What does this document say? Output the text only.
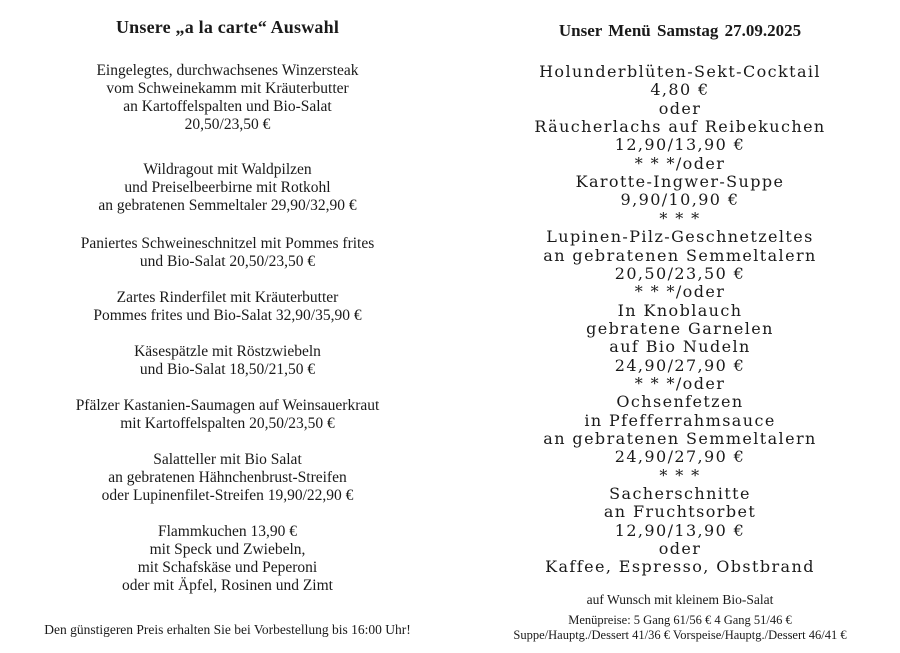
Unsere „a la carte“ Auswahl
Eingelegtes, durchwachsenes Winzersteak
vom Schweinekamm mit Kräuterbutter
an Kartoffelspalten und Bio-Salat
20,50/23,50 €
Wildragout mit Waldpilzen
und Preiselbeerbirne mit Rotkohl
an gebratenen Semmeltaler 29,90/32,90 €
Paniertes Schweineschnitzel mit Pommes frites
und Bio-Salat 20,50/23,50 €
Zartes Rinderfilet mit Kräuterbutter
Pommes frites und Bio-Salat 32,90/35,90 €
Käsespätzle mit Röstzwiebeln
und Bio-Salat 18,50/21,50 €
Pfälzer Kastanien-Saumagen auf Weinsauerkraut
mit Kartoffelspalten 20,50/23,50 €
Salatteller mit Bio Salat
an gebratenen Hähnchenbrust-Streifen
oder Lupinenfilet-Streifen 19,90/22,90 €
Flammkuchen 13,90 €
mit Speck und Zwiebeln,
mit Schafskäse und Peperoni
oder mit Äpfel, Rosinen und Zimt
Den günstigeren Preis erhalten Sie bei Vorbestellung bis 16:00 Uhr!
Unser Menü Samstag 27.09.2025
Holunderblüten-Sekt-Cocktail
4,80 €
oder
Räucherlachs auf Reibekuchen
12,90/13,90 €
* * */oder
Karotte-Ingwer-Suppe
9,90/10,90 €
* * *
Lupinen-Pilz-Geschnetzeltes
an gebratenen Semmeltalern
20,50/23,50 €
* * */oder
In Knoblauch
gebratene Garnelen
auf Bio Nudeln
24,90/27,90 €
* * */oder
Ochsenfetzen
in Pfefferrahmsauce
an gebratenen Semmeltalern
24,90/27,90 €
* * *
Sacherschnitte
an Fruchtsorbet
12,90/13,90 €
oder
Kaffee, Espresso, Obstbrand
auf Wunsch mit kleinem Bio-Salat
Menüpreise: 5 Gang 61/56 € 4 Gang 51/46 €
Suppe/Hauptg./Dessert 41/36 € Vorspeise/Hauptg./Dessert 46/41 €
